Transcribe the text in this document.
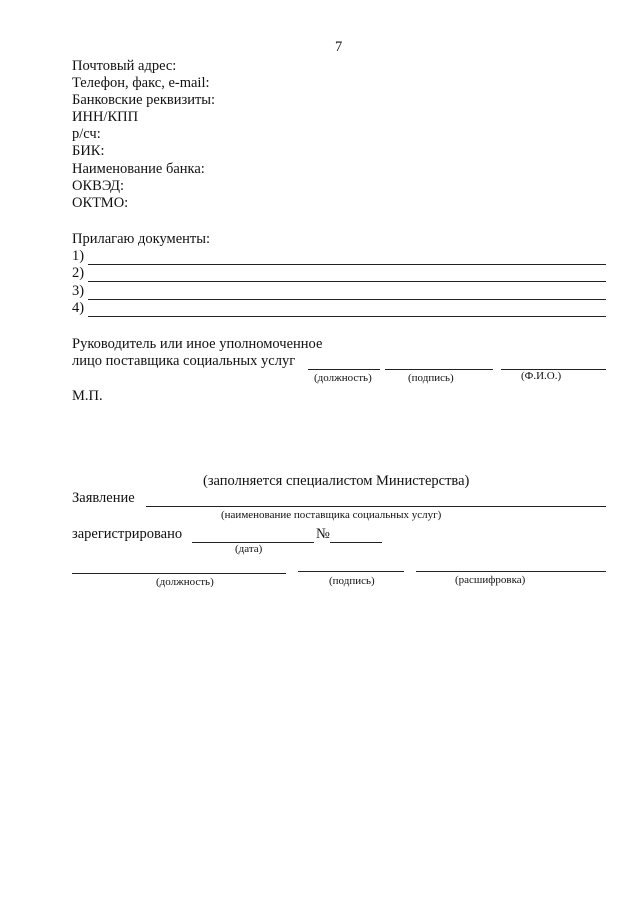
7
Почтовый адрес:
Телефон, факс, e-mail:
Банковские реквизиты:
ИНН/КПП
р/сч:
БИК:
Наименование банка:
ОКВЭД:
ОКТМО:
Прилагаю документы:
1)
2)
3)
4)
Руководитель или иное уполномоченное
лицо поставщика социальных услуг
(должность)	(подпись)	(Ф.И.О.)
М.П.
(заполняется специалистом Министерства)
Заявление
(наименование поставщика социальных услуг)
зарегистрировано	№
(дата)
(должность)	(подпись)	(расшифровка)
